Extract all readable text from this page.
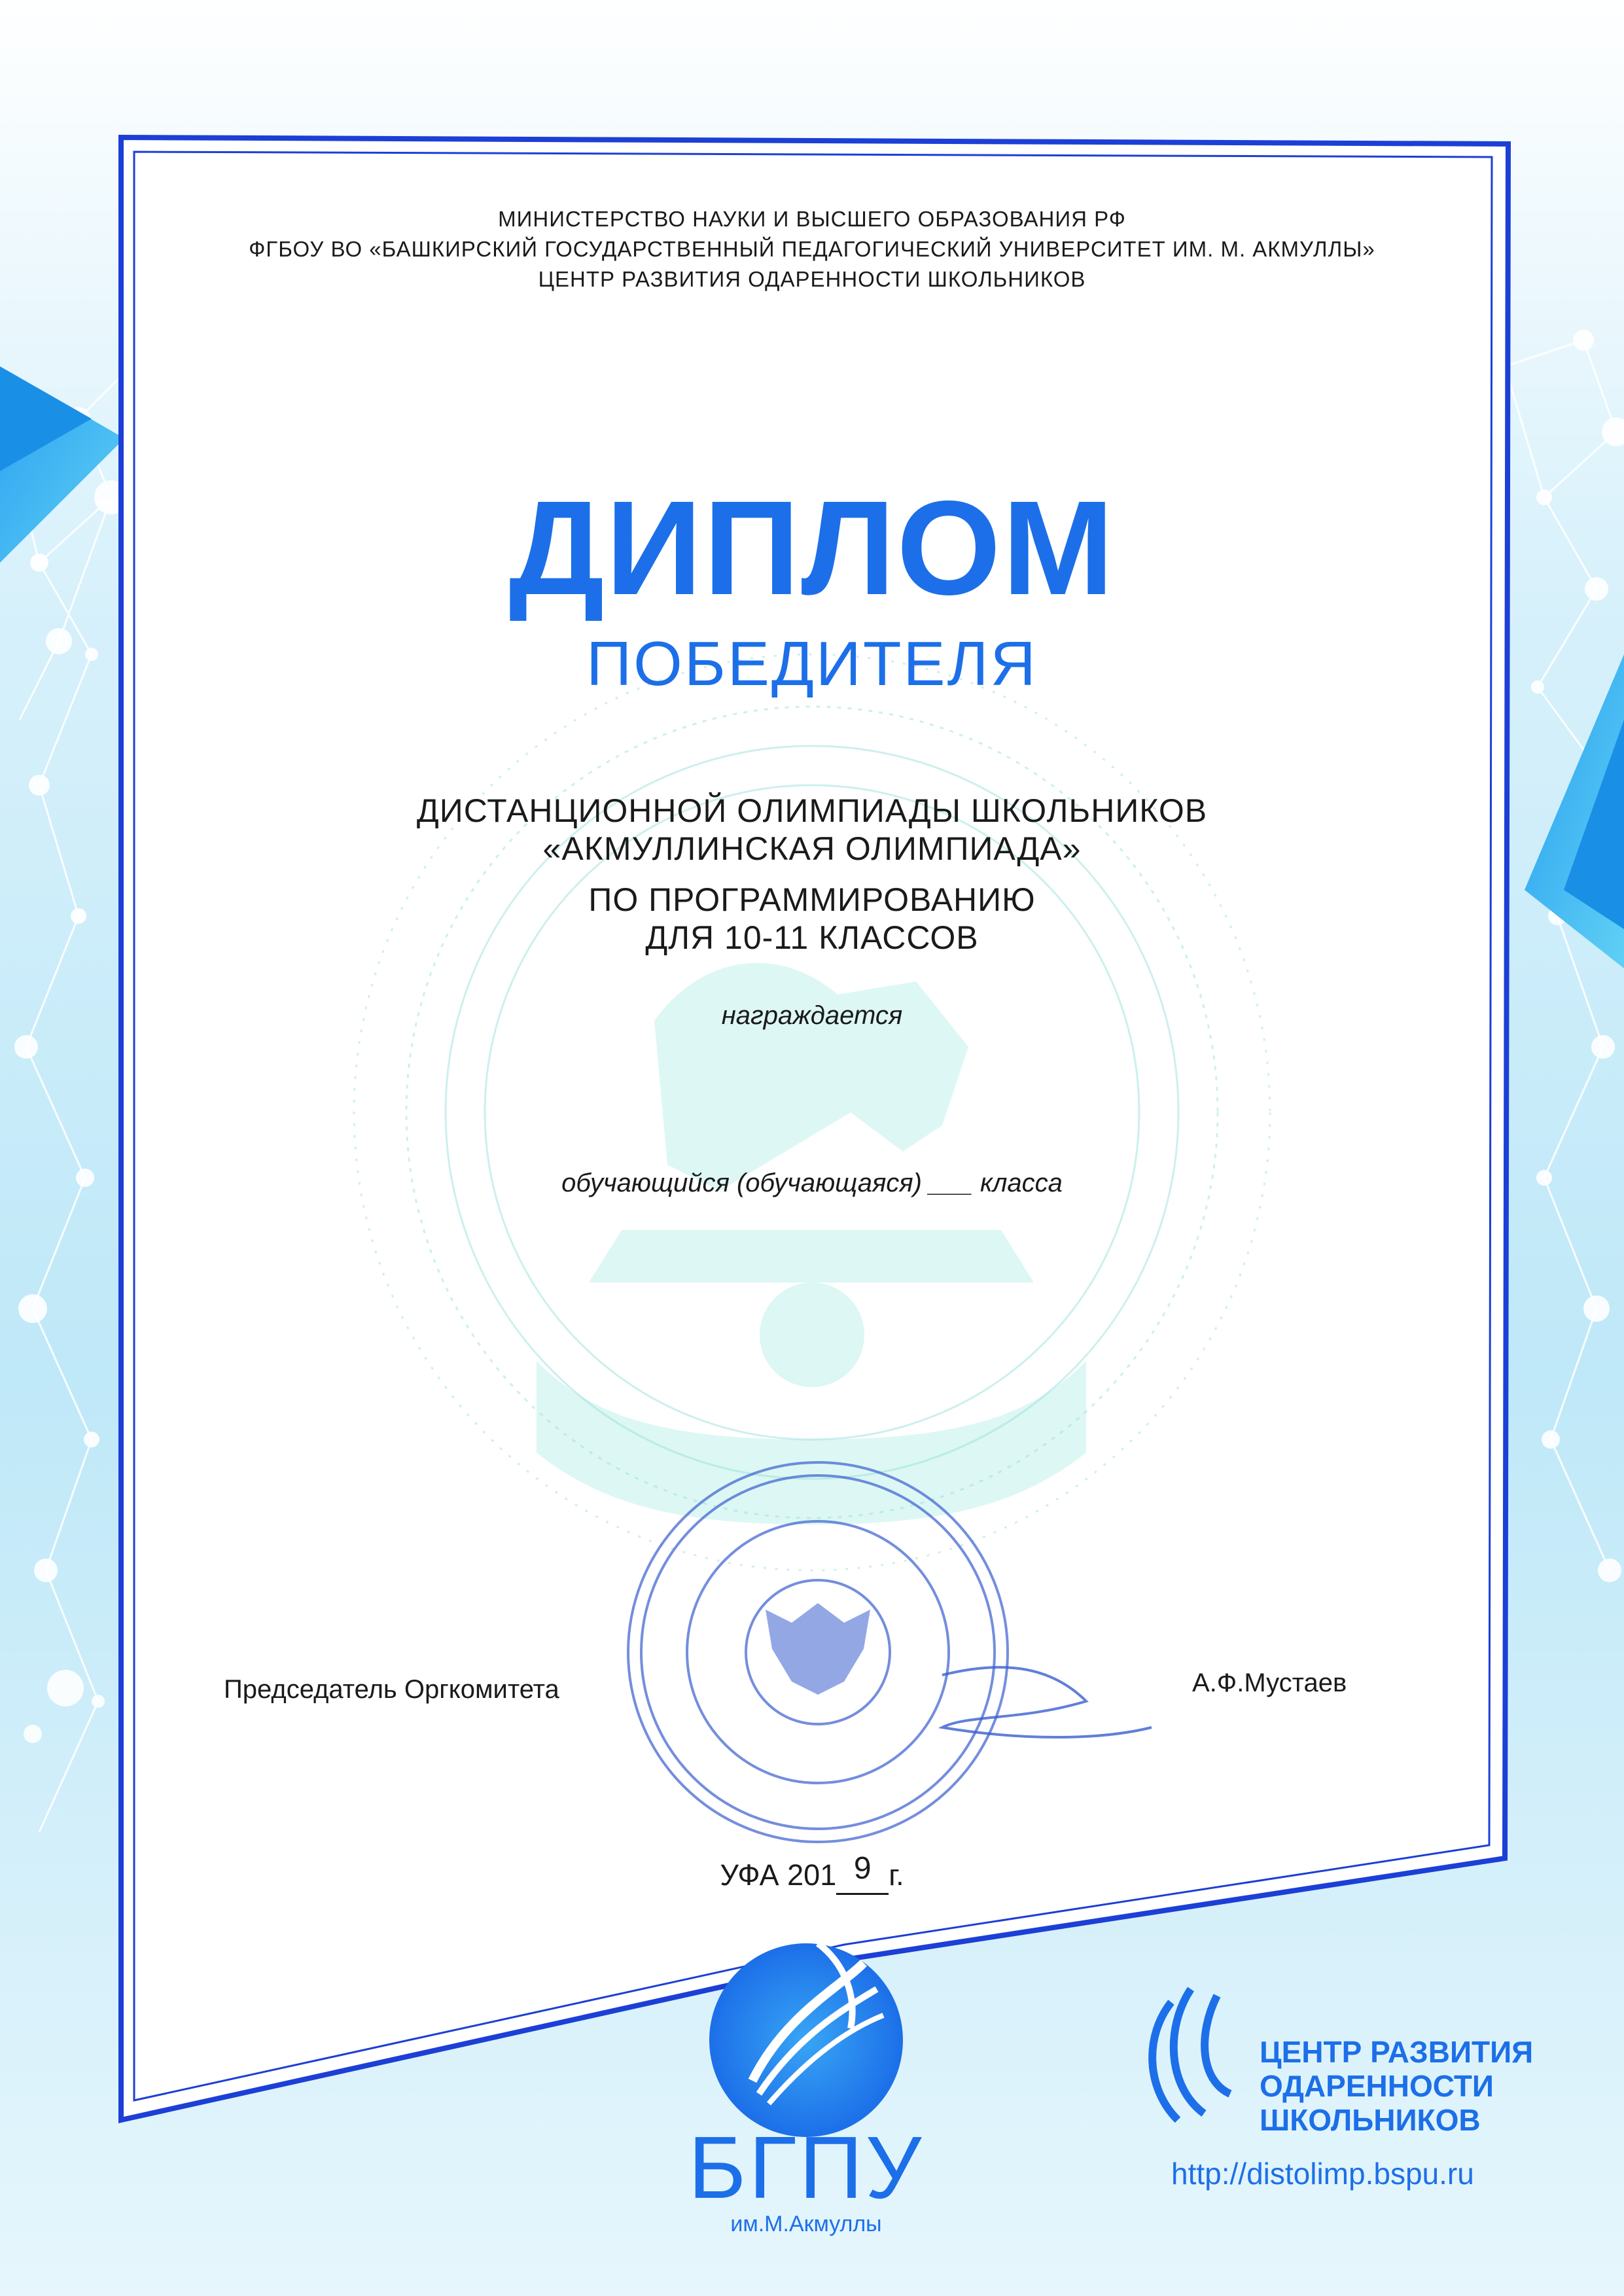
МИНИСТЕРСТВО НАУКИ И ВЫСШЕГО ОБРАЗОВАНИЯ РФ
ФГБОУ ВО «БАШКИРСКИЙ ГОСУДАРСТВЕННЫЙ ПЕДАГОГИЧЕСКИЙ УНИВЕРСИТЕТ ИМ. М. АКМУЛЛЫ»
ЦЕНТР РАЗВИТИЯ ОДАРЕННОСТИ ШКОЛЬНИКОВ
ДИПЛОМ
ПОБЕДИТЕЛЯ
ДИСТАНЦИОННОЙ ОЛИМПИАДЫ ШКОЛЬНИКОВ
«АКМУЛЛИНСКАЯ ОЛИМПИАДА»
ПО ПРОГРАММИРОВАНИЮ
ДЛЯ 10-11 КЛАССОВ
награждается
обучающийся (обучающаяся) ___ класса
Председатель Оргкомитета	А.Ф.Мустаев
УФА 201 9 г.
БГПУ
им.М.Акмуллы
ЦЕНТР РАЗВИТИЯ
ОДАРЕННОСТИ
ШКОЛЬНИКОВ
http://distolimp.bspu.ru
